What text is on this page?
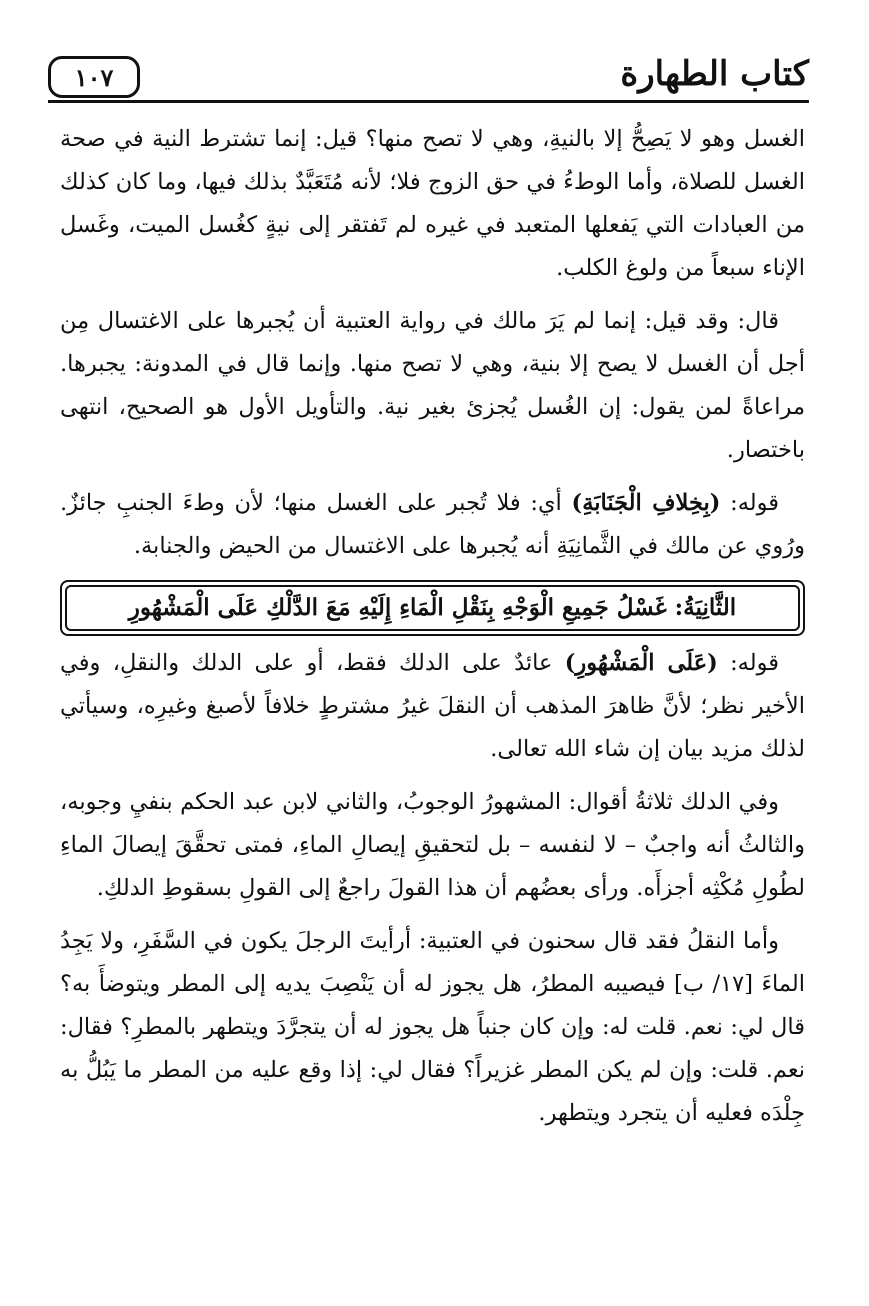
كتاب الطهارة
١٠٧

الغسل وهو لا يَصِحُّ إلا بالنيةِ، وهي لا تصح منها؟ قيل: إنما تشترط النية في صحة الغسل للصلاة، وأما الوطءُ في حق الزوج فلا؛ لأنه مُتَعَبَّدٌ بذلك فيها، وما كان كذلك من العبادات التي يَفعلها المتعبد في غيره لم تَفتقر إلى نيةٍ كغُسل الميت، وغَسل الإناء سبعاً من ولوغ الكلب.

قال: وقد قيل: إنما لم يَرَ مالك في رواية العتبية أن يُجبرها على الاغتسال مِن أجل أن الغسل لا يصح إلا بنية، وهي لا تصح منها. وإنما قال في المدونة: يجبرها. مراعاةً لمن يقول: إن الغُسل يُجزئ بغير نية. والتأويل الأول هو الصحيح، انتهى باختصار.

قوله: (بِخِلافِ الْجَنَابَةِ) أي: فلا تُجبر على الغسل منها؛ لأن وطءَ الجنبِ جائزٌ. ورُوي عن مالك في الثَّمانِيَةِ أنه يُجبرها على الاغتسال من الحيض والجنابة.

الثَّانِيَةُ: غَسْلُ جَمِيعِ الْوَجْهِ بِنَقْلِ الْمَاءِ إِلَيْهِ مَعَ الدَّلْكِ عَلَى الْمَشْهُورِ

قوله: (عَلَى الْمَشْهُورِ) عائدٌ على الدلك فقط، أو على الدلك والنقلِ، وفي الأخير نظر؛ لأنَّ ظاهرَ المذهب أن النقلَ غيرُ مشترطٍ خلافاً لأصبغ وغيرِه، وسيأتي لذلك مزيد بيان إن شاء الله تعالى.

وفي الدلك ثلاثةُ أقوال: المشهورُ الوجوبُ، والثاني لابن عبد الحكم بنفيِ وجوبه، والثالثُ أنه واجبٌ – لا لنفسه – بل لتحقيقِ إيصالِ الماءِ، فمتى تحقَّقَ إيصالَ الماءِ لطُولِ مُكْثِه أجزأَه. ورأى بعضُهم أن هذا القولَ راجعٌ إلى القولِ بسقوطِ الدلكِ.

وأما النقلُ فقد قال سحنون في العتبية: أرأيتَ الرجلَ يكون في السَّفَرِ، ولا يَجِدُ الماءَ [١٧/ ب] فيصيبه المطرُ، هل يجوز له أن يَنْصِبَ يديه إلى المطر ويتوضأَ به؟ قال لي: نعم. قلت له: وإن كان جنباً هل يجوز له أن يتجرَّدَ ويتطهر بالمطرِ؟ فقال: نعم. قلت: وإن لم يكن المطر غزيراً؟ فقال لي: إذا وقع عليه من المطر ما يَبُلُّ به جِلْدَه فعليه أن يتجرد ويتطهر.
